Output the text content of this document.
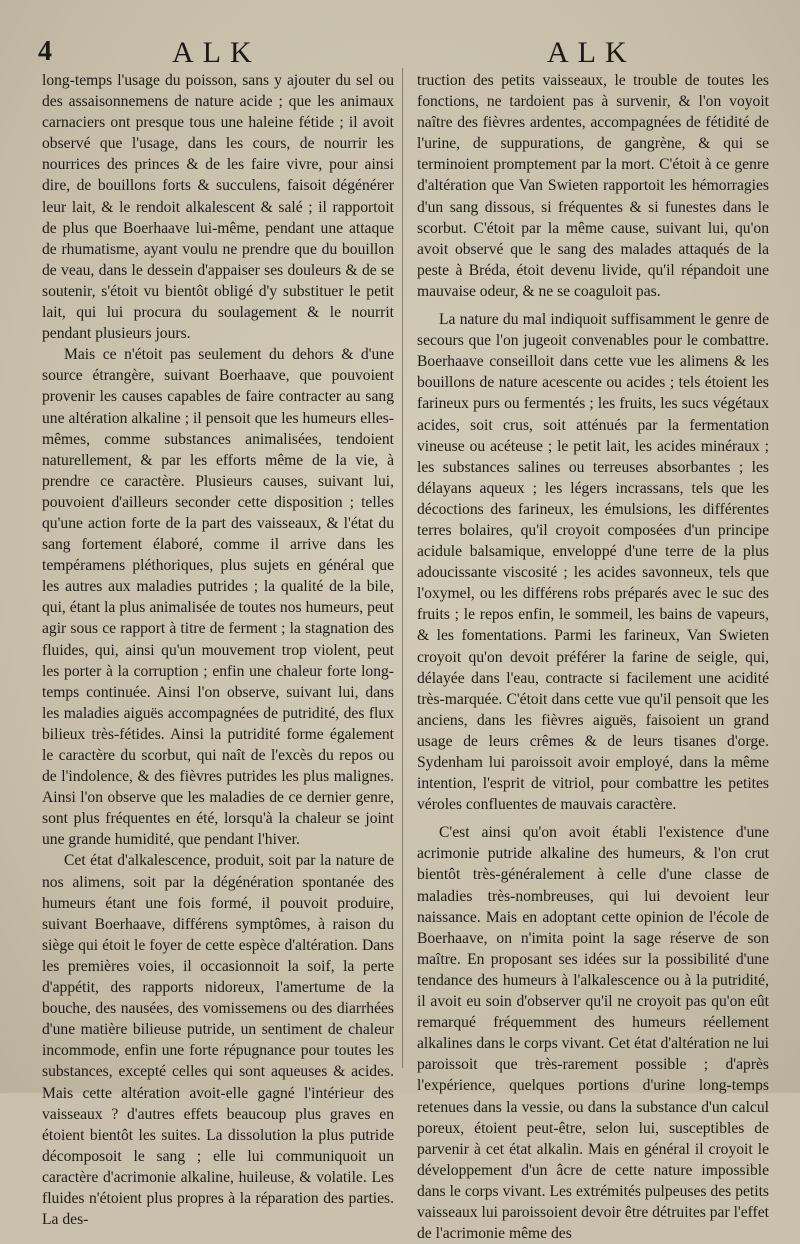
4	ALK	ALK

long-temps l'usage du poisson, sans y ajouter du sel ou des assaisonnemens de nature acide ; que les animaux carnaciers ont presque tous une haleine fétide ; il avoit observé que l'usage, dans les cours, de nourrir les nourrices des princes & de les faire vivre, pour ainsi dire, de bouillons forts & succulens, faisoit dégénérer leur lait, & le rendoit alkalescent & salé ; il rapportoit de plus que Boerhaave lui-même, pendant une attaque de rhumatisme, ayant voulu ne prendre que du bouillon de veau, dans le dessein d'appaiser ses douleurs & de se soutenir, s'étoit vu bientôt obligé d'y substituer le petit lait, qui lui procura du soulagement & le nourrit pendant plusieurs jours.

Mais ce n'étoit pas seulement du dehors & d'une source étrangère, suivant Boerhaave, que pouvoient provenir les causes capables de faire contracter au sang une altération alkaline ; il pensoit que les humeurs elles-mêmes, comme substances animalisées, tendoient naturellement, & par les efforts même de la vie, à prendre ce caractère. Plusieurs causes, suivant lui, pouvoient d'ailleurs seconder cette disposition ; telles qu'une action forte de la part des vaisseaux, & l'état du sang fortement élaboré, comme il arrive dans les tempéramens pléthoriques, plus sujets en général que les autres aux maladies putrides ; la qualité de la bile, qui, étant la plus animalisée de toutes nos humeurs, peut agir sous ce rapport à titre de ferment ; la stagnation des fluides, qui, ainsi qu'un mouvement trop violent, peut les porter à la corruption ; enfin une chaleur forte long-temps continuée. Ainsi l'on observe, suivant lui, dans les maladies aiguës accompagnées de putridité, des flux bilieux très-fétides. Ainsi la putridité forme également le caractère du scorbut, qui naît de l'excès du repos ou de l'indolence, & des fièvres putrides les plus malignes. Ainsi l'on observe que les maladies de ce dernier genre, sont plus fréquentes en été, lorsqu'à la chaleur se joint une grande humidité, que pendant l'hiver.

Cet état d'alkalescence, produit, soit par la nature de nos alimens, soit par la dégénération spontanée des humeurs étant une fois formé, il pouvoit produire, suivant Boerhaave, différens symptômes, à raison du siège qui étoit le foyer de cette espèce d'altération. Dans les premières voies, il occasionnoit la soif, la perte d'appétit, des rapports nidoreux, l'amertume de la bouche, des nausées, des vomissemens ou des diarrhées d'une matière bilieuse putride, un sentiment de chaleur incommode, enfin une forte répugnance pour toutes les substances, excepté celles qui sont aqueuses & acides. Mais cette altération avoit-elle gagné l'intérieur des vaisseaux ? d'autres effets beaucoup plus graves en étoient bientôt les suites. La dissolution la plus putride décomposoit le sang ; elle lui communiquoit un caractère d'acrimonie alkaline, huileuse, & volatile. Les fluides n'étoient plus propres à la réparation des parties. La des-

truction des petits vaisseaux, le trouble de toutes les fonctions, ne tardoient pas à survenir, & l'on voyoit naître des fièvres ardentes, accompagnées de fétidité de l'urine, de suppurations, de gangrène, & qui se terminoient promptement par la mort. C'étoit à ce genre d'altération que Van Swieten rapportoit les hémorragies d'un sang dissous, si fréquentes & si funestes dans le scorbut. C'étoit par la même cause, suivant lui, qu'on avoit observé que le sang des malades attaqués de la peste à Bréda, étoit devenu livide, qu'il répandoit une mauvaise odeur, & ne se coaguloit pas.

La nature du mal indiquoit suffisamment le genre de secours que l'on jugeoit convenables pour le combattre. Boerhaave conseilloit dans cette vue les alimens & les bouillons de nature acescente ou acides ; tels étoient les farineux purs ou fermentés ; les fruits, les sucs végétaux acides, soit crus, soit atténués par la fermentation vineuse ou acéteuse ; le petit lait, les acides minéraux ; les substances salines ou terreuses absorbantes ; les délayans aqueux ; les légers incrassans, tels que les décoctions des farineux, les émulsions, les différentes terres bolaires, qu'il croyoit composées d'un principe acidule balsamique, enveloppé d'une terre de la plus adoucissante viscosité ; les acides savonneux, tels que l'oxymel, ou les différens robs préparés avec le suc des fruits ; le repos enfin, le sommeil, les bains de vapeurs, & les fomentations. Parmi les farineux, Van Swieten croyoit qu'on devoit préférer la farine de seigle, qui, délayée dans l'eau, contracte si facilement une acidité très-marquée. C'étoit dans cette vue qu'il pensoit que les anciens, dans les fièvres aiguës, faisoient un grand usage de leurs crêmes & de leurs tisanes d'orge. Sydenham lui paroissoit avoir employé, dans la même intention, l'esprit de vitriol, pour combattre les petites véroles confluentes de mauvais caractère.

C'est ainsi qu'on avoit établi l'existence d'une acrimonie putride alkaline des humeurs, & l'on crut bientôt très-généralement à celle d'une classe de maladies très-nombreuses, qui lui devoient leur naissance. Mais en adoptant cette opinion de l'école de Boerhaave, on n'imita point la sage réserve de son maître. En proposant ses idées sur la possibilité d'une tendance des humeurs à l'alkalescence ou à la putridité, il avoit eu soin d'observer qu'il ne croyoit pas qu'on eût remarqué fréquemment des humeurs réellement alkalines dans le corps vivant. Cet état d'altération ne lui paroissoit que très-rarement possible ; d'après l'expérience, quelques portions d'urine long-temps retenues dans la vessie, ou dans la substance d'un calcul poreux, étoient peut-être, selon lui, susceptibles de parvenir à cet état alkalin. Mais en général il croyoit le développement d'un âcre de cette nature impossible dans le corps vivant. Les extrémités pulpeuses des petits vaisseaux lui paroissoient devoir être détruites par l'effet de l'acrimonie même des
